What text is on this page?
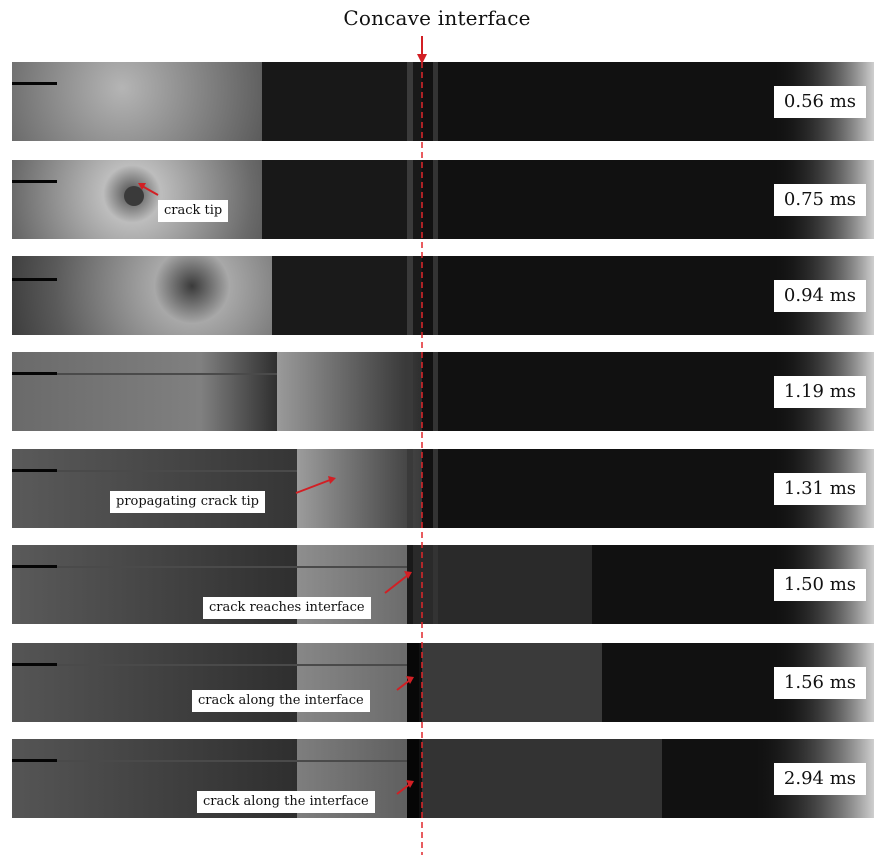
Concave interface
0.56 ms
crack tip
0.75 ms
0.94 ms
1.19 ms
propagating crack tip
1.31 ms
crack reaches interface
1.50 ms
crack along the interface
1.56 ms
crack along the interface
2.94 ms
